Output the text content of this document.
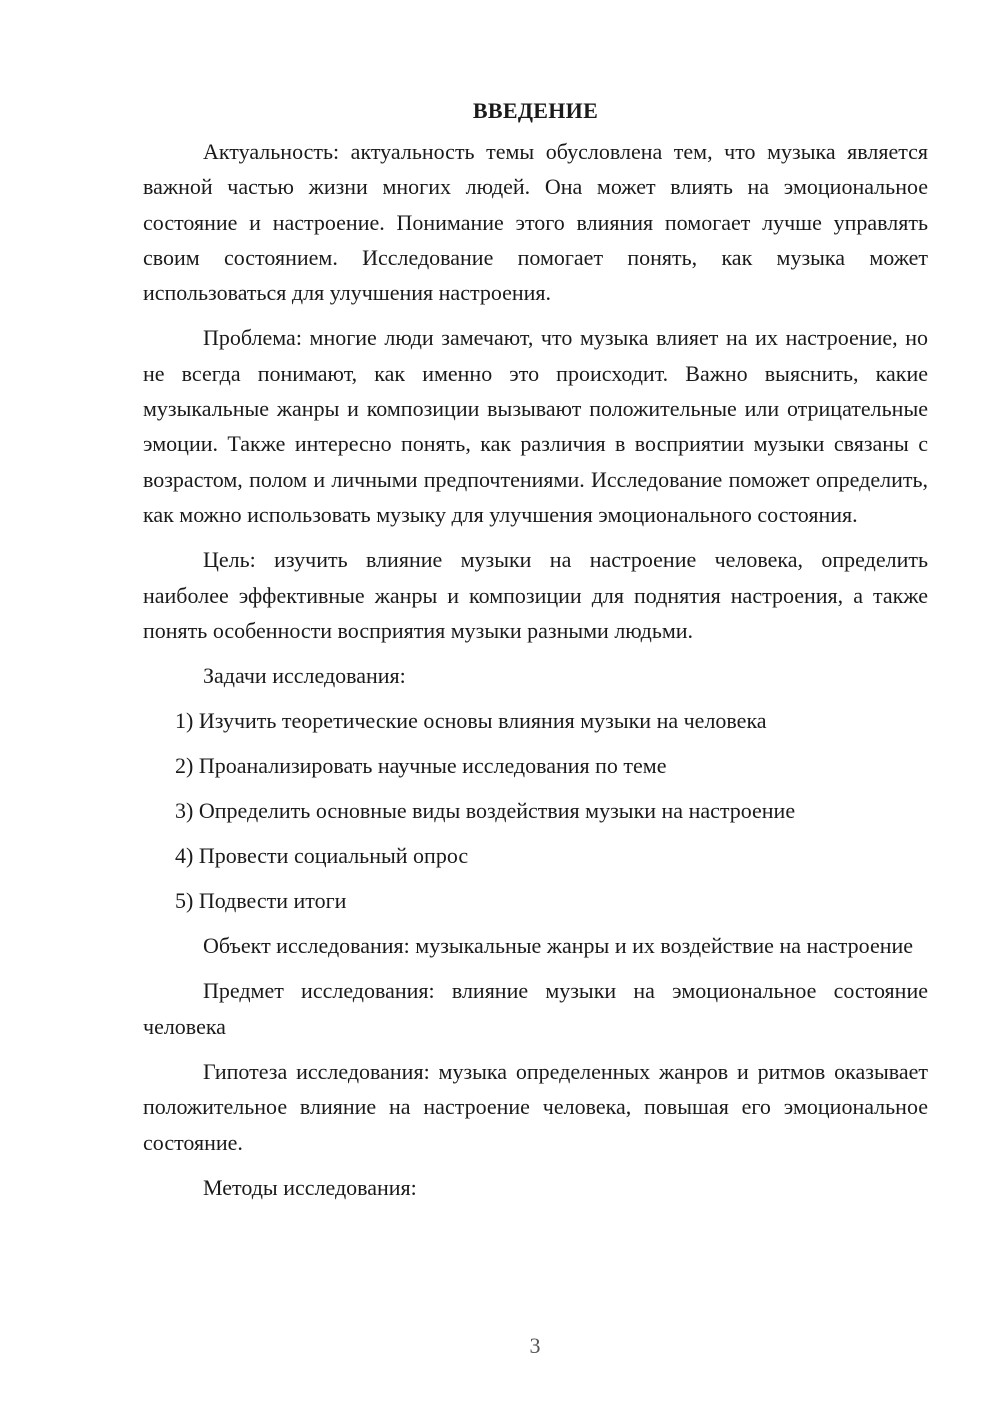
ВВЕДЕНИЕ

Актуальность: актуальность темы обусловлена тем, что музыка является важной частью жизни многих людей. Она может влиять на эмоциональное состояние и настроение. Понимание этого влияния помогает лучше управлять своим состоянием. Исследование помогает понять, как музыка может использоваться для улучшения настроения.

Проблема: многие люди замечают, что музыка влияет на их настроение, но не всегда понимают, как именно это происходит. Важно выяснить, какие музыкальные жанры и композиции вызывают положительные или отрицательные эмоции. Также интересно понять, как различия в восприятии музыки связаны с возрастом, полом и личными предпочтениями. Исследование поможет определить, как можно использовать музыку для улучшения эмоционального состояния.

Цель: изучить влияние музыки на настроение человека, определить наиболее эффективные жанры и композиции для поднятия настроения, а также понять особенности восприятия музыки разными людьми.

Задачи исследования:

1) Изучить теоретические основы влияния музыки на человека
2) Проанализировать научные исследования по теме
3) Определить основные виды воздействия музыки на настроение
4) Провести социальный опрос
5) Подвести итоги

Объект исследования: музыкальные жанры и их воздействие на настроение

Предмет исследования: влияние музыки на эмоциональное состояние человека

Гипотеза исследования: музыка определенных жанров и ритмов оказывает положительное влияние на настроение человека, повышая его эмоциональное состояние.

Методы исследования:

3
